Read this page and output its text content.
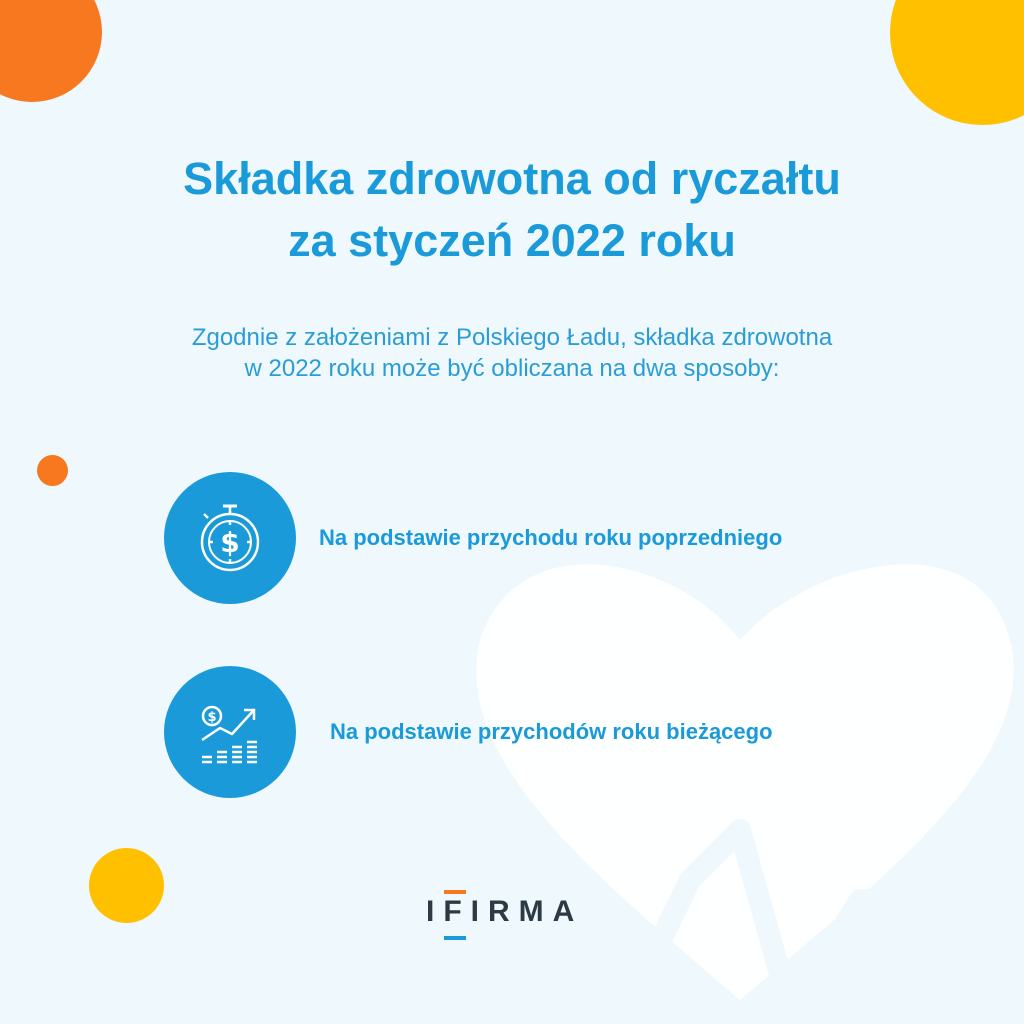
Składka zdrowotna od ryczałtu
za styczeń 2022 roku

Zgodnie z założeniami z Polskiego Ładu, składka zdrowotna
w 2022 roku może być obliczana na dwa sposoby:

$	Na podstawie przychodu roku poprzedniego
$
Na podstawie przychodów roku bieżącego
IFIRMA
